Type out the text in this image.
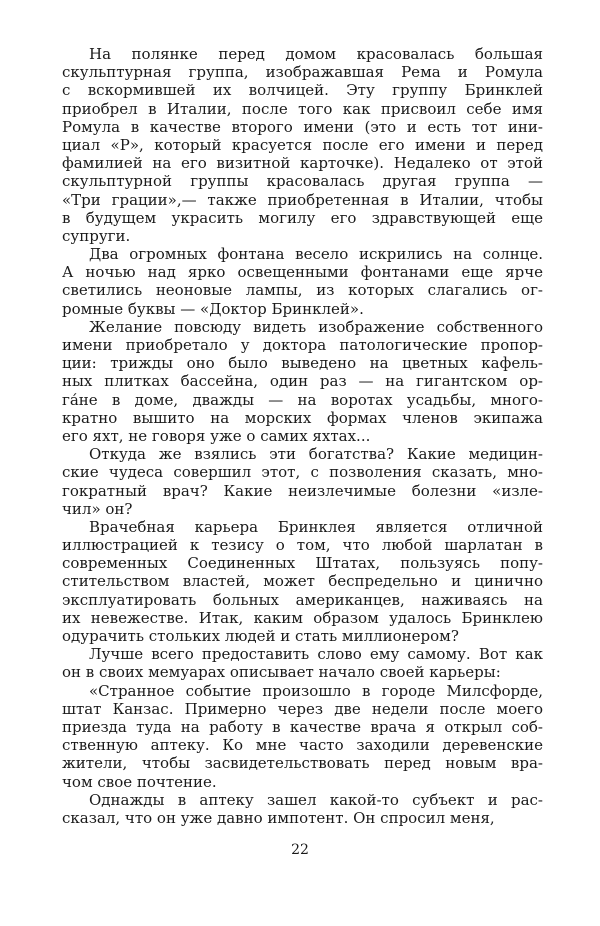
На полянке перед домом красовалась большая
скульптурная группа, изображавшая Рема и Ромула
с вскормившей их волчицей. Эту группу Бринклей
приобрел в Италии, после того как присвоил себе имя
Ромула в качестве второго имени (это и есть тот ини-
циал «Р», который красуется после его имени и перед
фамилией на его визитной карточке). Недалеко от этой
скульптурной группы красовалась другая группа —
«Три грации»,— также приобретенная в Италии, чтобы
в будущем украсить могилу его здравствующей еще
супруги.
Два огромных фонтана весело искрились на солнце.
А ночью над ярко освещенными фонтанами еще ярче
светились неоновые лампы, из которых слагались ог-
ромные буквы — «Доктор Бринклей».
Желание повсюду видеть изображение собственного
имени приобретало у доктора патологические пропор-
ции: трижды оно было выведено на цветных кафель-
ных плитках бассейна, один раз — на гигантском ор-
га́не в доме, дважды — на воротах усадьбы, много-
кратно вышито на морских формах членов экипажа
его яхт, не говоря уже о самих яхтах...
Откуда же взялись эти богатства? Какие медицин-
ские чудеса совершил этот, с позволения сказать, мно-
гократный врач? Какие неизлечимые болезни «изле-
чил» он?
Врачебная карьера Бринклея является отличной
иллюстрацией к тезису о том, что любой шарлатан в
современных Соединенных Штатах, пользуясь попу-
стительством властей, может беспредельно и цинично
эксплуатировать больных американцев, наживаясь на
их невежестве. Итак, каким образом удалось Бринклею
одурачить стольких людей и стать миллионером?
Лучше всего предоставить слово ему самому. Вот как
он в своих мемуарах описывает начало своей карьеры:
«Странное событие произошло в городе Милсфорде,
штат Канзас. Примерно через две недели после моего
приезда туда на работу в качестве врача я открыл соб-
ственную аптеку. Ко мне часто заходили деревенские
жители, чтобы засвидетельствовать перед новым вра-
чом свое почтение.
Однажды в аптеку зашел какой-то субъект и рас-
сказал, что он уже давно импотент. Он спросил меня,
22
